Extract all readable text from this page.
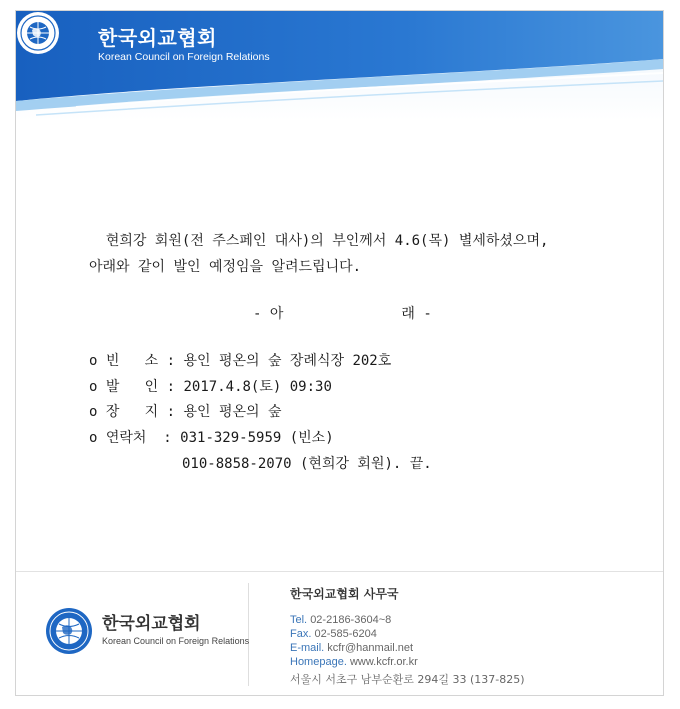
한국외교협회
Korean Council on Foreign Relations
현희강 회원(전 주스페인 대사)의 부인께서 4.6(목) 별세하셨으며,
아래와 같이 발인 예정임을 알려드립니다.
- 아              래 -
o 빈   소 : 용인 평온의 숲 장례식장 202호
o 발   인 : 2017.4.8(토) 09:30
o 장   지 : 용인 평온의 숲
o 연락처  : 031-329-5959 (빈소)
010-8858-2070 (현희강 회원). 끝.
한국외교협회
Korean Council on Foreign Relations
한국외교협회 사무국
Tel. 02-2186-3604~8
Fax. 02-585-6204
E-mail. kcfr@hanmail.net
Homepage. www.kcfr.or.kr
서울시 서초구 남부순환로 294길 33 (137-825)
